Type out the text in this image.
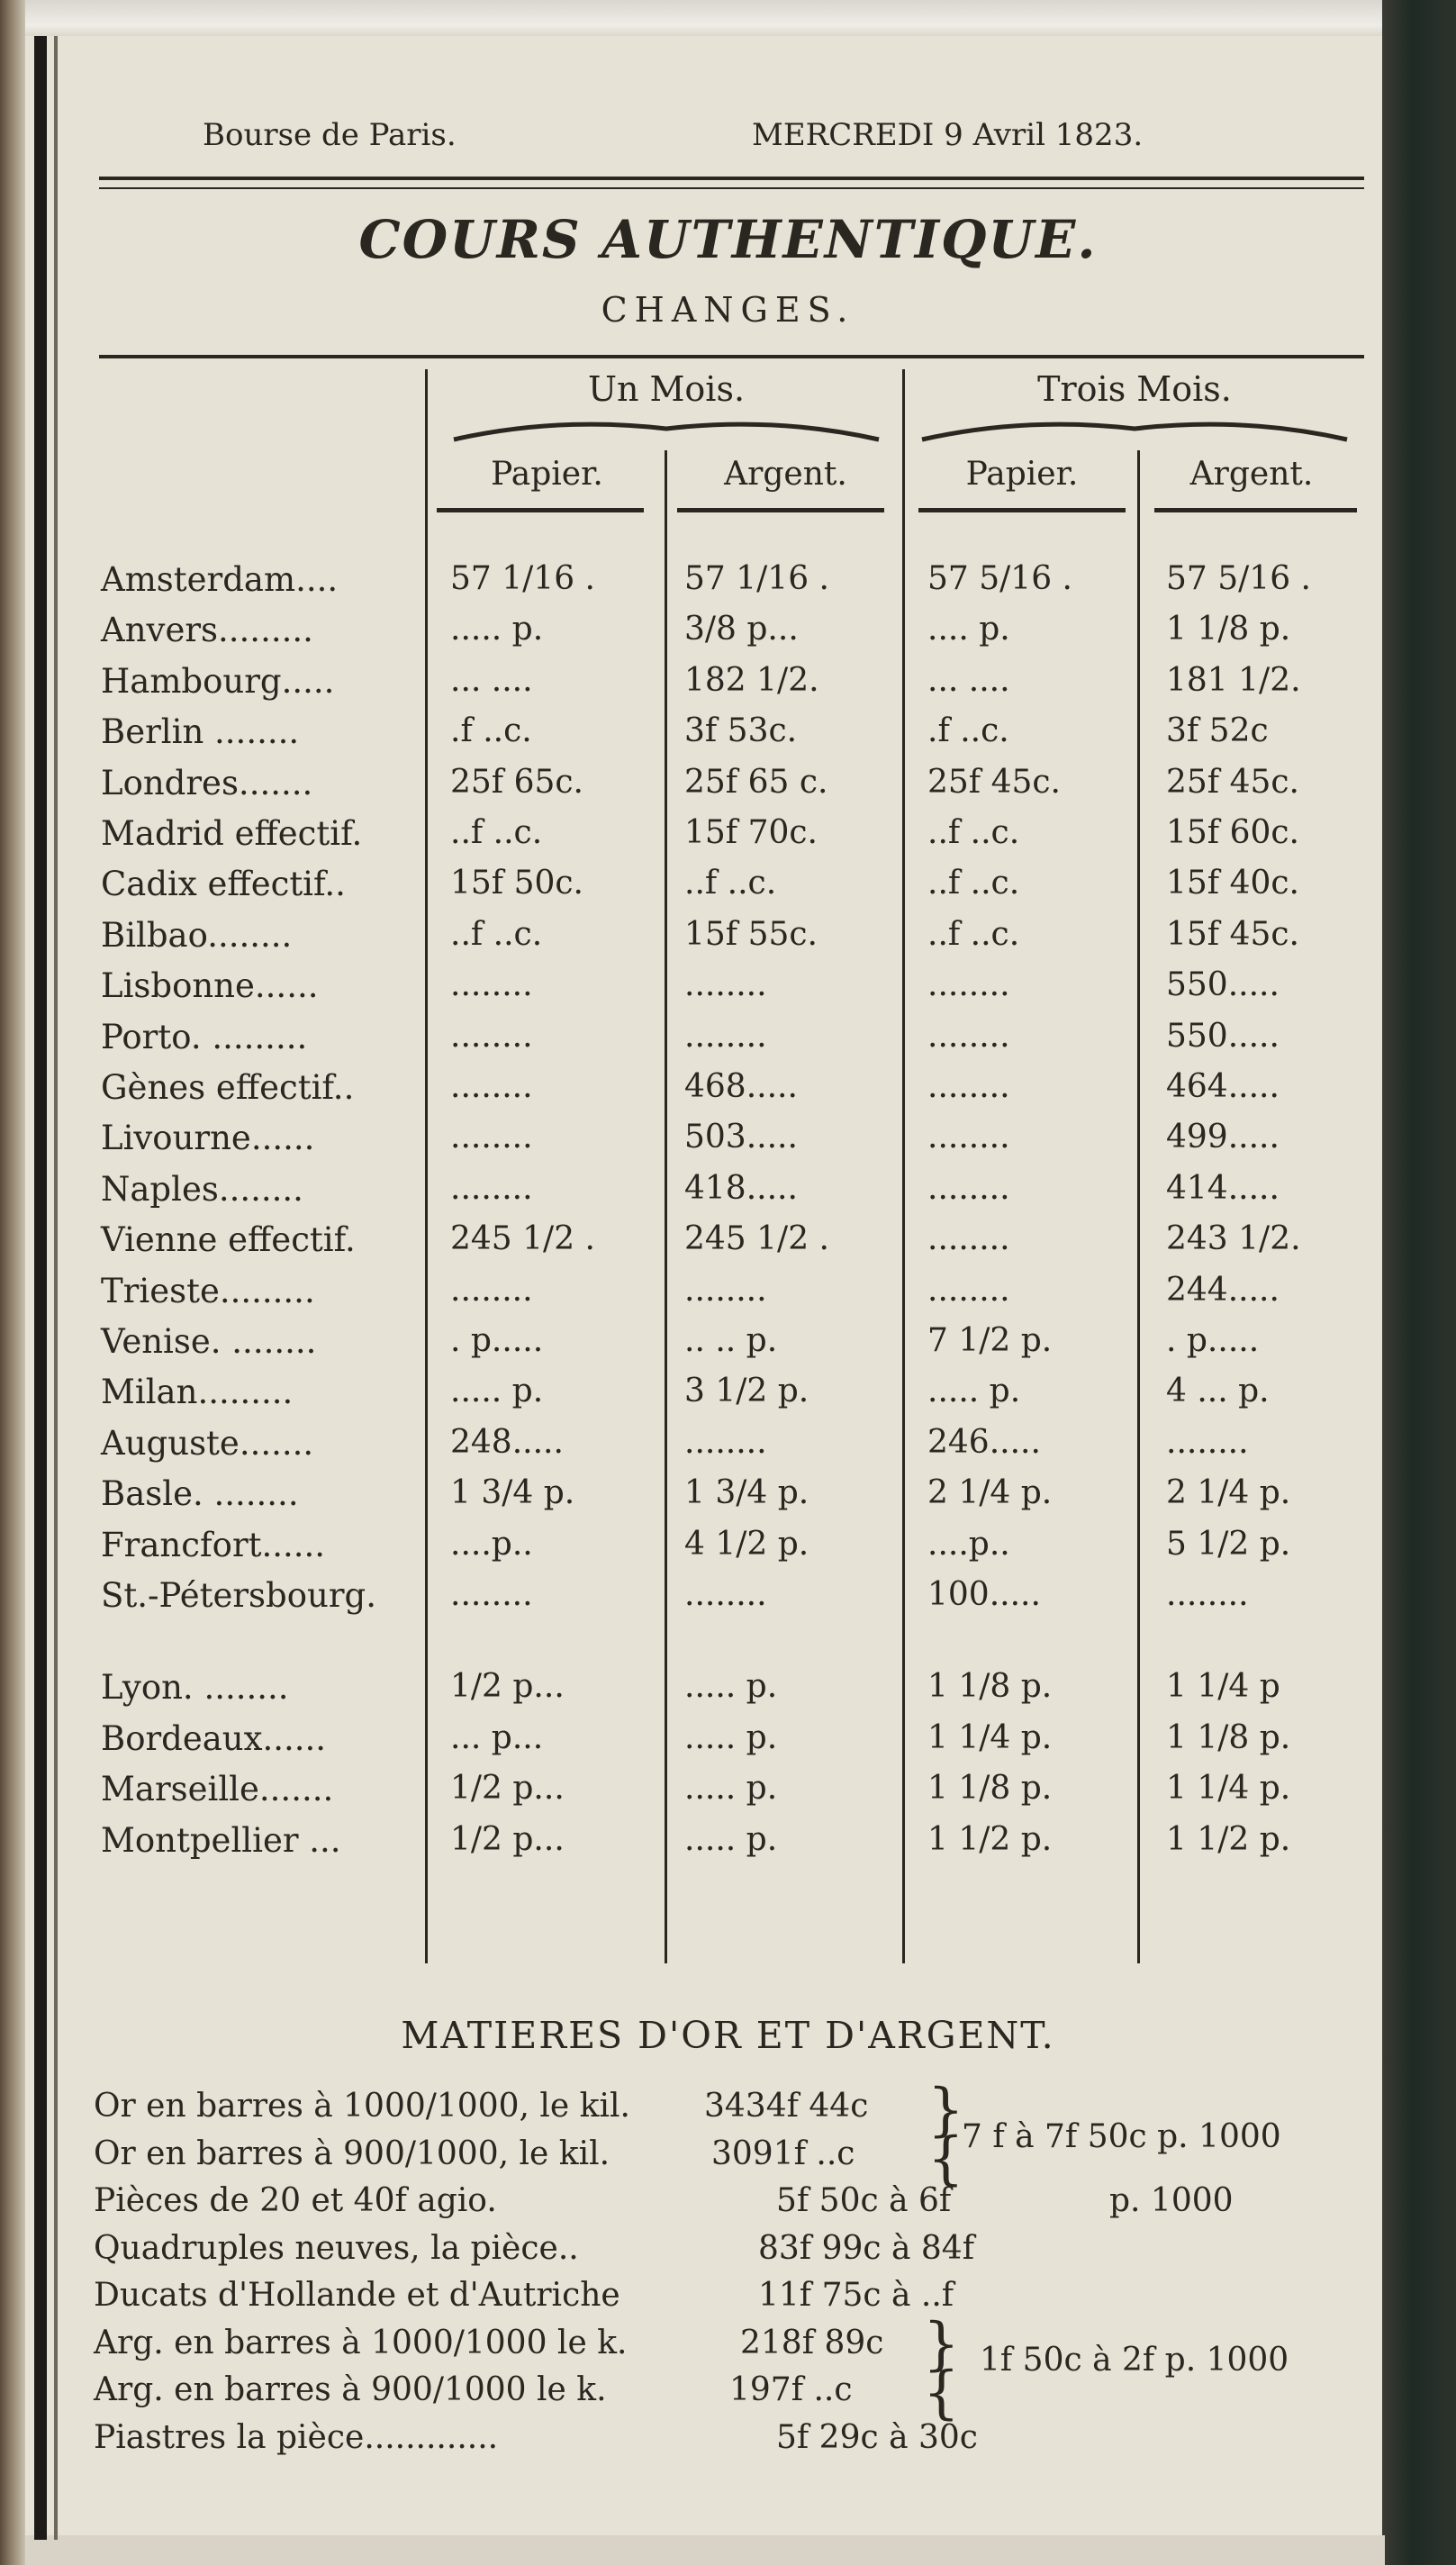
Bourse de Paris.	MERCREDI 9 Avril 1823.
COURS AUTHENTIQUE.
CHANGES.
Un Mois.	Trois Mois.
Papier.	Argent.	Papier.	Argent.
Amsterdam....	57 1/16 .	57 1/16 .	57 5/16 .	57 5/16 .
Anvers.........	..... p.	3/8 p...	.... p.	1 1/8 p.
Hambourg.....	... ....	182 1/2.	... ....	181 1/2.
Berlin ........	.f ..c.	3f 53c.	.f ..c.	3f 52c
Londres.......	25f 65c.	25f 65 c.	25f 45c.	25f 45c.
Madrid effectif.	..f ..c.	15f 70c.	..f ..c.	15f 60c.
Cadix effectif..	15f 50c.	..f ..c.	..f ..c.	15f 40c.
Bilbao........	..f ..c.	15f 55c.	..f ..c.	15f 45c.
Lisbonne......	........	........	........	550.....
Porto. .........	........	........	........	550.....
Gènes effectif..	........	468.....	........	464.....
Livourne......	........	503.....	........	499.....
Naples........	........	418.....	........	414.....
Vienne effectif.	245 1/2 .	245 1/2 .	........	243 1/2.
Trieste.........	........	........	........	244.....
Venise. ........	. p.....	.. .. p.	7 1/2 p.	. p.....
Milan.........	..... p.	3 1/2 p.	..... p.	4 ... p.
Auguste.......	248.....	........	246.....	........
Basle. ........	1 3/4 p.	1 3/4 p.	2 1/4 p.	2 1/4 p.
Francfort......	....p..	4 1/2 p.	....p..	5 1/2 p.
St.-Pétersbourg. ........	........	100.....	........
Lyon. ........	1/2 p...	..... p.	1 1/8 p.	1 1/4 p
Bordeaux......	... p...	..... p.	1 1/4 p.	1 1/8 p.
Marseille.......	1/2 p...	..... p.	1 1/8 p.	1 1/4 p.
Montpellier ...	1/2 p...	..... p.	1 1/2 p.	1 1/2 p.
MATIERES D'OR ET D'ARGENT.
Or en barres à 1000/1000, le kil. 3434f 44c
Or en barres à 900/1000, le kil.	3091f ..c
Pièces de 20 et 40f agio.	5f 50c à 6f	p. 1000
Quadruples neuves, la pièce..	83f 99c à 84f
Ducats d'Hollande et d'Autriche	11f 75c à ..f
Arg. en barres à 1000/1000 le k.	218f 89c
Arg. en barres à 900/1000 le k.	197f ..c
Piastres la pièce.............	5f 29c à 30c
}
{
7 f à 7f 50c p. 1000
}
{ 1f 50c à 2f p. 1000
